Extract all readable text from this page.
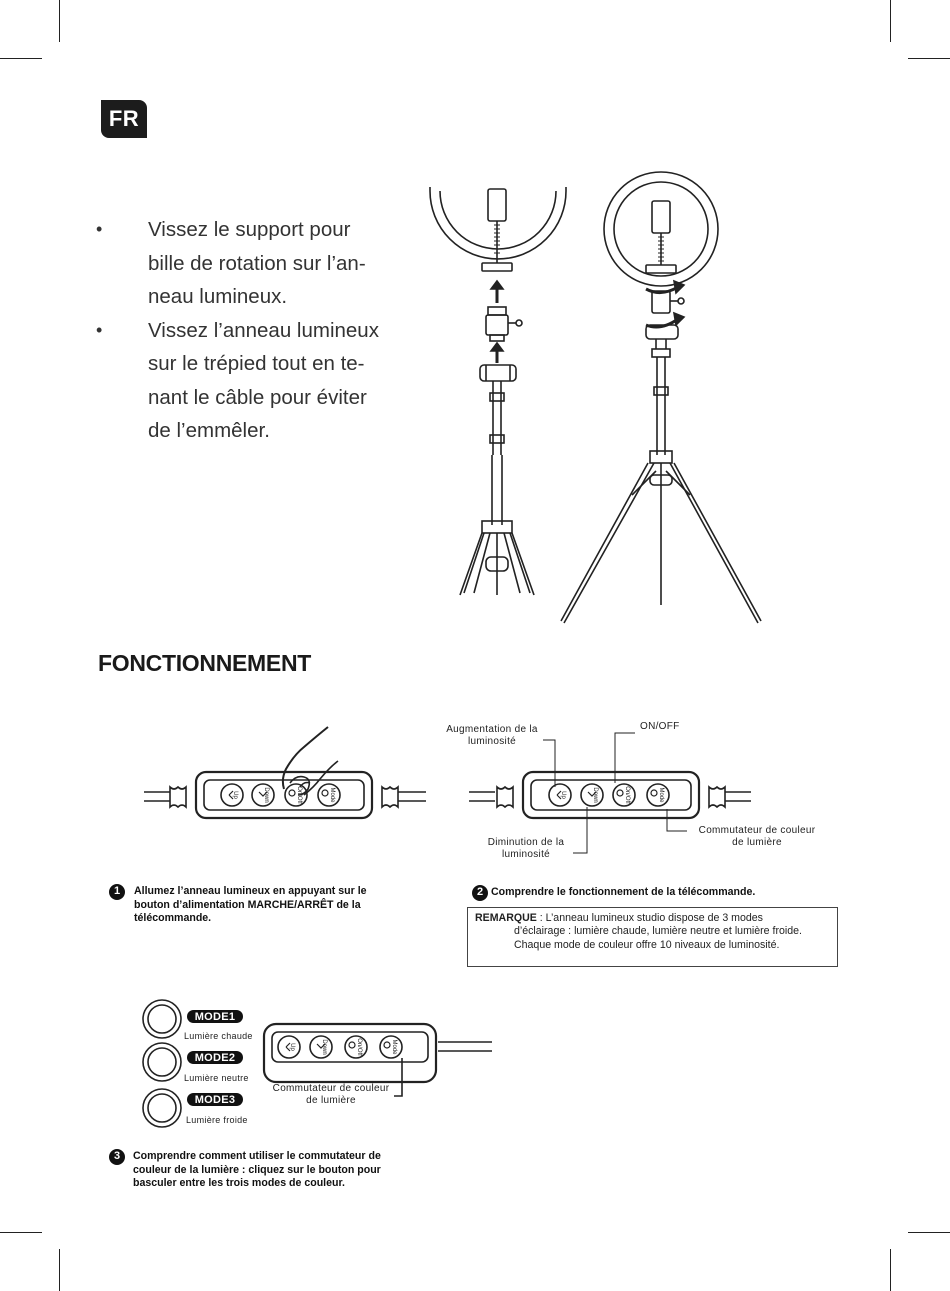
FR
•	Vissez le support pour
bille de rotation sur l’an-
neau lumineux.
•	Vissez l’anneau lumineux
sur le trépied tout en te-
nant le câble pour éviter
de l’emmêler.
FONCTIONNEMENT
Up	Down	On/Off	Mode	Up	Down	On/Off	Mode
Augmentation de la
luminosité
ON/OFF
Diminution de la
luminosité
Commutateur de couleur
de lumière
1	Allumez l’anneau lumineux en appuyant sur le
bouton d’alimentation MARCHE/ARRÊT de la
télécommande.
2 Comprendre le fonctionnement de la télécommande.
REMARQUE : L’anneau lumineux studio dispose de 3 modes
d’éclairage : lumière chaude, lumière neutre et lumière froide. Chaque mode de couleur offre 10 niveaux de luminosité.
MODE1
Lumière chaude
MODE2
Lumière neutre
MODE3
Lumière froide
Up	Down	On/Off	Mode
Commutateur de couleur
de lumière
3	Comprendre comment utiliser le commutateur de
couleur de la lumière : cliquez sur le bouton pour
basculer entre les trois modes de couleur.
